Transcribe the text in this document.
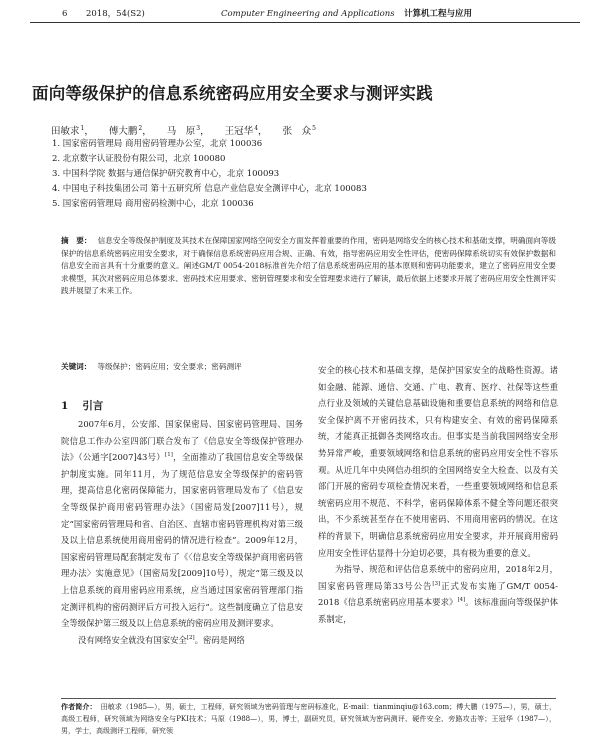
6 2018，54(S2)	Computer Engineering and Applications 计算机工程与应用
面向等级保护的信息系统密码应用安全要求与测评实践
田敏求$^1$， 傅大鹏$^2$， 马　原$^3$， 王冠华$^4$， 张　众$^5$
1. 国家密码管理局 商用密码管理办公室，北京 100036
2. 北京数字认证股份有限公司，北京 100080
3. 中国科学院 数据与通信保护研究教育中心，北京 100093
4. 中国电子科技集团公司 第十五研究所 信息产业信息安全测评中心，北京 100083
5. 国家密码管理局 商用密码检测中心，北京 100036
摘　要： 信息安全等级保护制度及其技术在保障国家网络空间安全方面发挥着重要的作用，密码是网络安全的核心技术和基础支撑，明确面向等级保护的信息系统密码应用安全要求，对于确保信息系统密码应用合规、正确、有效，指导密码应用安全性评估，使密码保障系统切实有效保护数据和信息安全而言具有十分重要的意义。阐述GM/T 0054-2018标准首先介绍了信息系统密码应用的基本原则和密码功能要求，建立了密码应用安全要求模型，其次对密码应用总体要求、密码技术应用要求、密钥管理要求和安全管理要求进行了解读，最后依据上述要求开展了密码应用安全性测评实践并展望了未来工作。
关键词： 等级保护；密码应用；安全要求；密码测评
1 引言

2007年6月，公安部、国家保密局、国家密码管理局、国务院信息工作办公室四部门联合发布了《信息安全等级保护管理办法》（公通字[2007]43号）[1]，全面推动了我国信息安全等级保护制度实施。同年11月，为了规范信息安全等级保护的密码管理，提高信息化密码保障能力，国家密码管理局发布了《信息安全等级保护商用密码管理办法》（国密局发[2007]11号），规定“国家密码管理局和省、自治区、直辖市密码管理机构对第三级及以上信息系统使用商用密码的情况进行检查”。2009年12月，国家密码管理局配套制定发布了《〈信息安全等级保护商用密码管理办法〉实施意见》（国密局发[2009]10号），规定“第三级及以上信息系统的商用密码应用系统，应当通过国家密码管理部门指定测评机构的密码测评后方可投入运行”。这些制度确立了信息安全等级保护第三级及以上信息系统的密码应用及测评要求。

没有网络安全就没有国家安全[2]。密码是网络

安全的核心技术和基础支撑，是保护国家安全的战略性资源。诸如金融、能源、通信、交通、广电、教育、医疗、社保等这些重点行业及领域的关键信息基础设施和重要信息系统的网络和信息安全保护离不开密码技术，只有构建安全、有效的密码保障系统，才能真正抵御各类网络攻击。但事实是当前我国网络安全形势异常严峻，重要领域网络和信息系统的密码应用安全性不容乐观。从近几年中央网信办组织的全国网络安全大检查、以及有关部门开展的密码专项检查情况来看，一些重要领域网络和信息系统密码应用不规范、不科学，密码保障体系不健全等问题还很突出，不少系统甚至存在不使用密码、不用商用密码的情况。在这样的背景下，明确信息系统密码应用安全要求，并开展商用密码应用安全性评估显得十分迫切必要，具有极为重要的意义。

为指导、规范和评估信息系统中的密码应用，2018年2月，国家密码管理局第33号公告[3]正式发布实施了GM/T 0054-2018《信息系统密码应用基本要求》[4]。该标准面向等级保护体系制定，

作者简介： 田敏求（1985—），男，硕士，工程师，研究领域为密码管理与密码标准化，E-mail：tianminqiu@163.com；傅大鹏（1975—），男，硕士，高级工程师，研究领域为网络安全与PKI技术；马原（1988—），男，博士，副研究员，研究领域为密码测评、硬件安全、旁路攻击等；王冠华（1987—），男，学士，高级测评工程师，研究领
